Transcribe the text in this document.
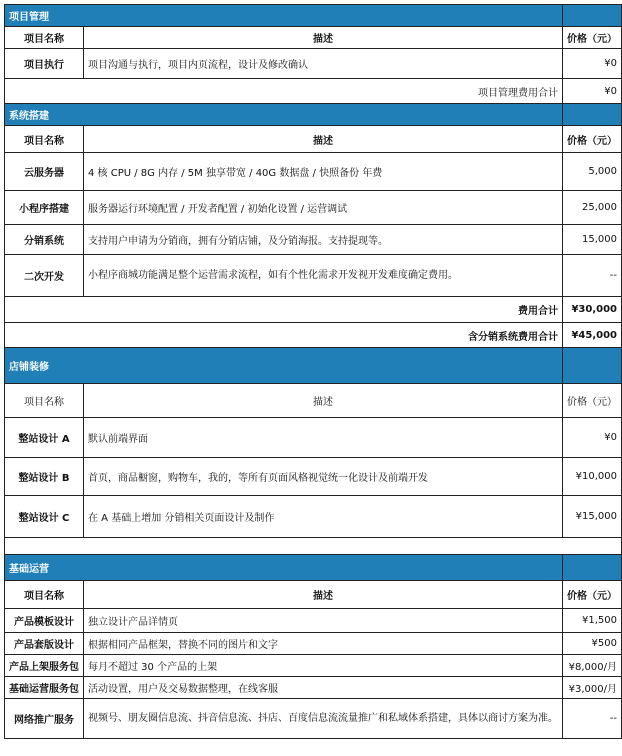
项目管理		
项目名称	描述	价格（元）
项目执行	项目沟通与执行，项目内页流程，设计及修改确认	¥0
项目管理费用合计		¥0
系统搭建		
项目名称	描述	价格（元）
云服务器	4 核 CPU / 8G 内存 / 5M 独享带宽 / 40G 数据盘 / 快照备份 年费	5,000
小程序搭建	服务器运行环境配置 / 开发者配置 / 初始化设置 / 运营调试	25,000
分销系统	支持用户申请为分销商，拥有分销店铺，及分销海报。支持提现等。	15,000
二次开发	小程序商城功能满足整个运营需求流程，如有个性化需求开发视开发难度确定费用。	--
费用合计		¥30,000
含分销系统费用合计		¥45,000
店铺装修		
项目名称	描述	价格（元）
整站设计 A	默认前端界面	¥0
整站设计 B	首页，商品橱窗，购物车，我的，等所有页面风格视觉统一化设计及前端开发	¥10,000
整站设计 C	在 A 基础上增加 分销相关页面设计及制作	¥15,000

基础运营		
项目名称	描述	价格（元）
产品模板设计	独立设计产品详情页	¥1,500
产品套版设计	根据相同产品框架，替换不同的图片和文字	¥500
产品上架服务包	每月不超过 30 个产品的上架	¥8,000/月
基础运营服务包	活动设置，用户及交易数据整理，在线客服	¥3,000/月
网络推广服务	视频号、朋友圈信息流、抖音信息流、抖店、百度信息流流量推广和私域体系搭建，具体以商讨方案为准。	--
